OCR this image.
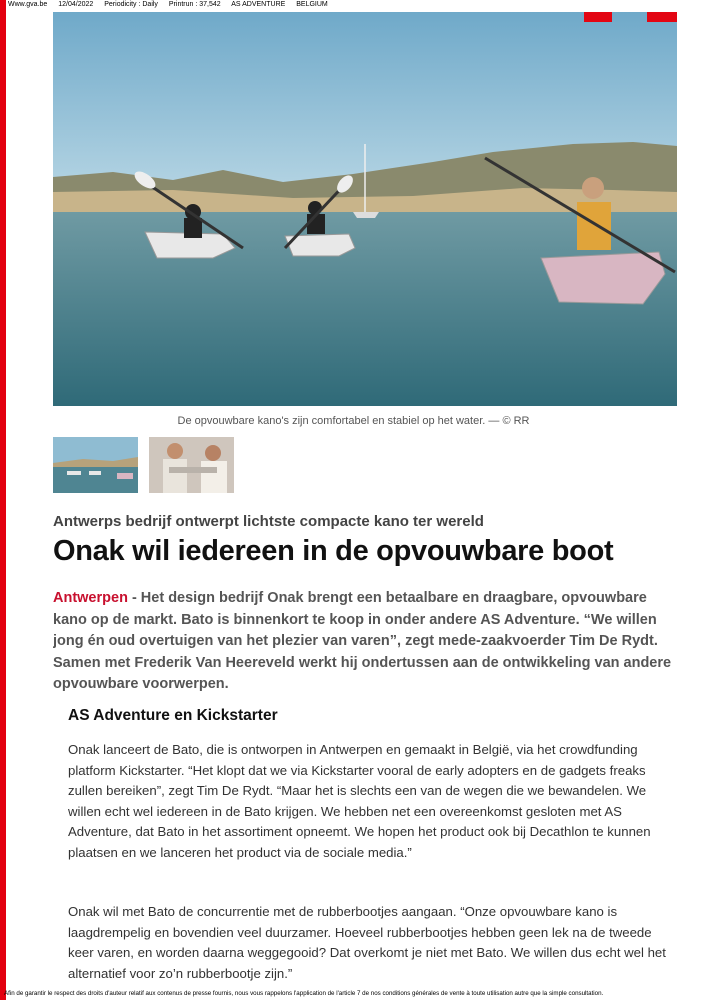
Www.gva.be 12/04/2022 Periodicity : Daily Printrun : 37,542 AS ADVENTURE BELGIUM
De opvouwbare kano's zijn comfortabel en stabiel op het water. — © RR
Antwerps bedrijf ontwerpt lichtste compacte kano ter wereld
Onak wil iedereen in de opvouwbare boot
Antwerpen - Het design bedrijf Onak brengt een betaalbare en draagbare, opvouwbare kano op de markt. Bato is binnenkort te koop in onder andere AS Adventure. “We willen jong én oud overtuigen van het plezier van varen”, zegt mede-zaakvoerder Tim De Rydt. Samen met Frederik Van Heereveld werkt hij ondertussen aan de ontwikkeling van andere opvouwbare voorwerpen.
AS Adventure en Kickstarter
Onak lanceert de Bato, die is ontworpen in Antwerpen en gemaakt in België, via het crowdfunding platform Kickstarter. “Het klopt dat we via Kickstarter vooral de early adopters en de gadgets freaks zullen bereiken”, zegt Tim De Rydt. “Maar het is slechts een van de wegen die we bewandelen. We willen echt wel iedereen in de Bato krijgen. We hebben net een overeenkomst gesloten met AS Adventure, dat Bato in het assortiment opneemt. We hopen het product ook bij Decathlon te kunnen plaatsen en we lanceren het product via de sociale media.”
Onak wil met Bato de concurrentie met de rubberbootjes aangaan. “Onze opvouwbare kano is laagdrempelig en bovendien veel duurzamer. Hoeveel rubberbootjes hebben geen lek na de tweede keer varen, en worden daarna weggegooid? Dat overkomt je niet met Bato. We willen dus echt wel het alternatief voor zo’n rubberbootje zijn.”
Afin de garantir le respect des droits d'auteur relatif aux contenus de presse fournis, nous vous rappelons l'application de l'article 7 de nos conditions générales de vente à toute utilisation autre que la simple consultation.
